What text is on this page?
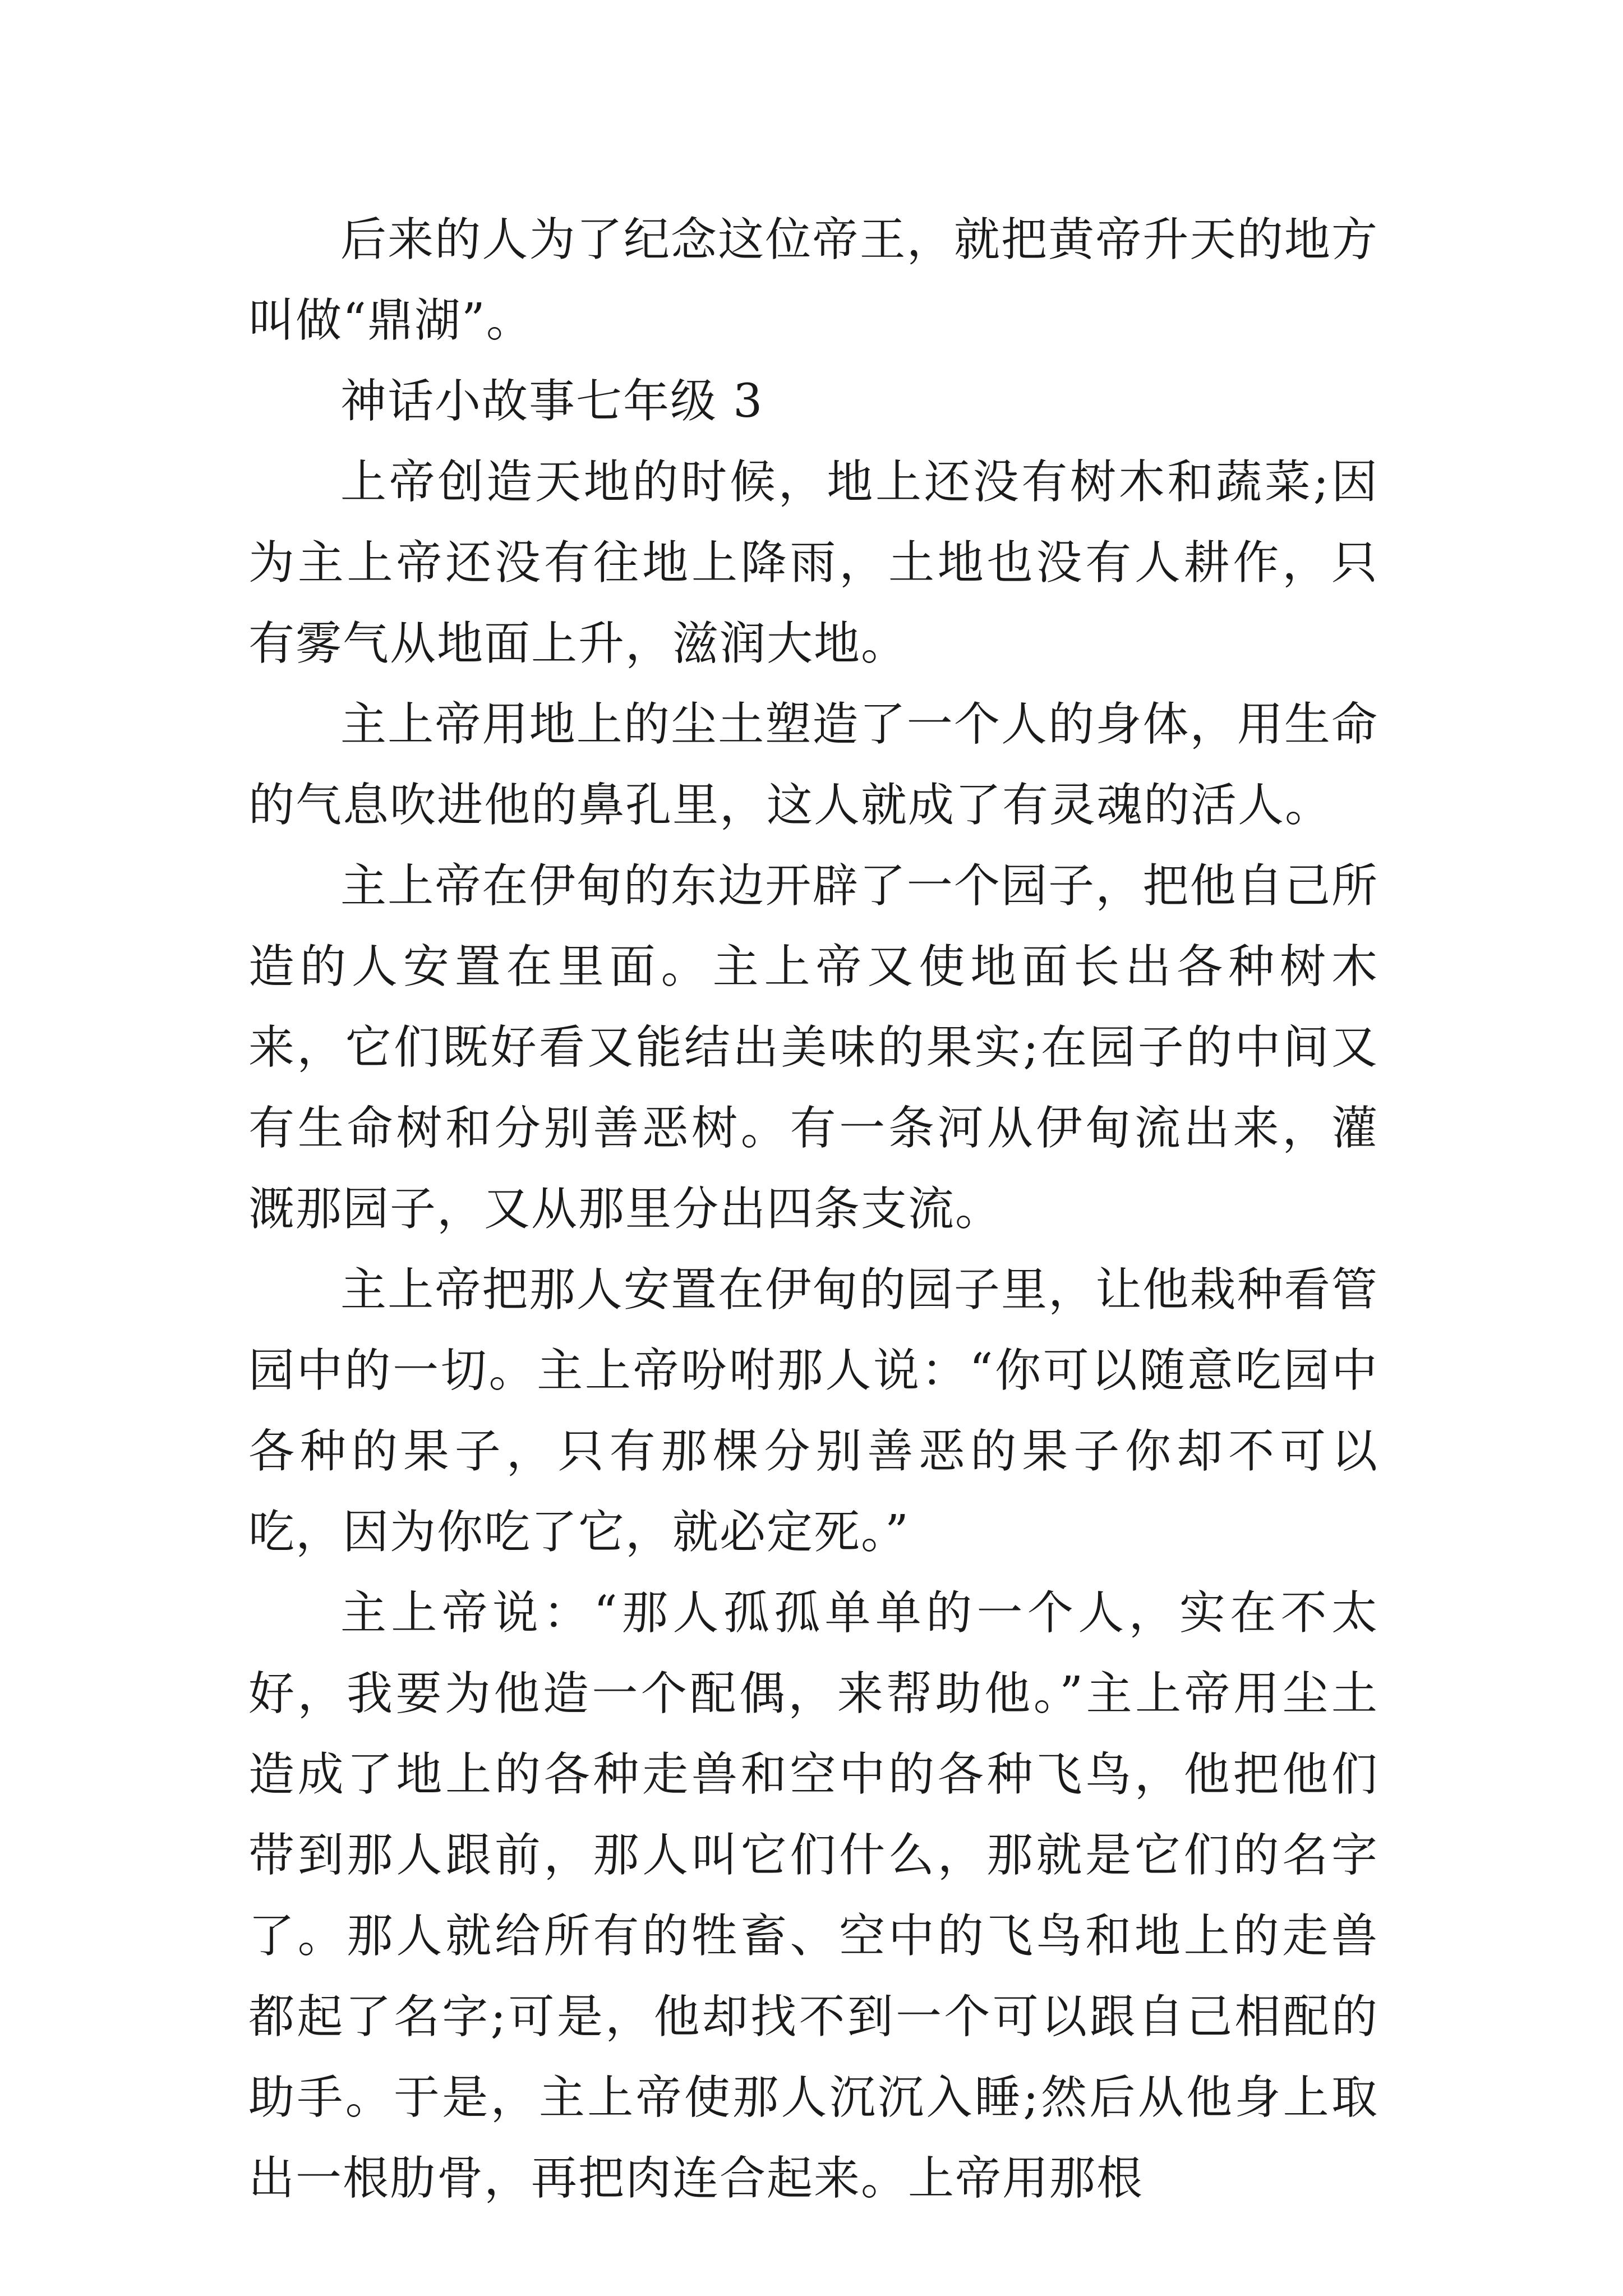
后来的人为了纪念这位帝王，就把黄帝升天的地方叫做“鼎湖”。

神话小故事七年级 3

上帝创造天地的时候，地上还没有树木和蔬菜;因为主上帝还没有往地上降雨，土地也没有人耕作，只有雾气从地面上升，滋润大地。

主上帝用地上的尘土塑造了一个人的身体，用生命的气息吹进他的鼻孔里，这人就成了有灵魂的活人。

主上帝在伊甸的东边开辟了一个园子，把他自己所造的人安置在里面。主上帝又使地面长出各种树木来，它们既好看又能结出美味的果实;在园子的中间又有生命树和分别善恶树。有一条河从伊甸流出来，灌溉那园子，又从那里分出四条支流。

主上帝把那人安置在伊甸的园子里，让他栽种看管园中的一切。主上帝吩咐那人说：“你可以随意吃园中各种的果子，只有那棵分别善恶的果子你却不可以吃，因为你吃了它，就必定死。”

主上帝说：“那人孤孤单单的一个人，实在不太好，我要为他造一个配偶，来帮助他。”主上帝用尘土造成了地上的各种走兽和空中的各种飞鸟，他把他们带到那人跟前，那人叫它们什么，那就是它们的名字了。那人就给所有的牲畜、空中的飞鸟和地上的走兽都起了名字;可是，他却找不到一个可以跟自己相配的助手。于是，主上帝使那人沉沉入睡;然后从他身上取出一根肋骨，再把肉连合起来。上帝用那根
